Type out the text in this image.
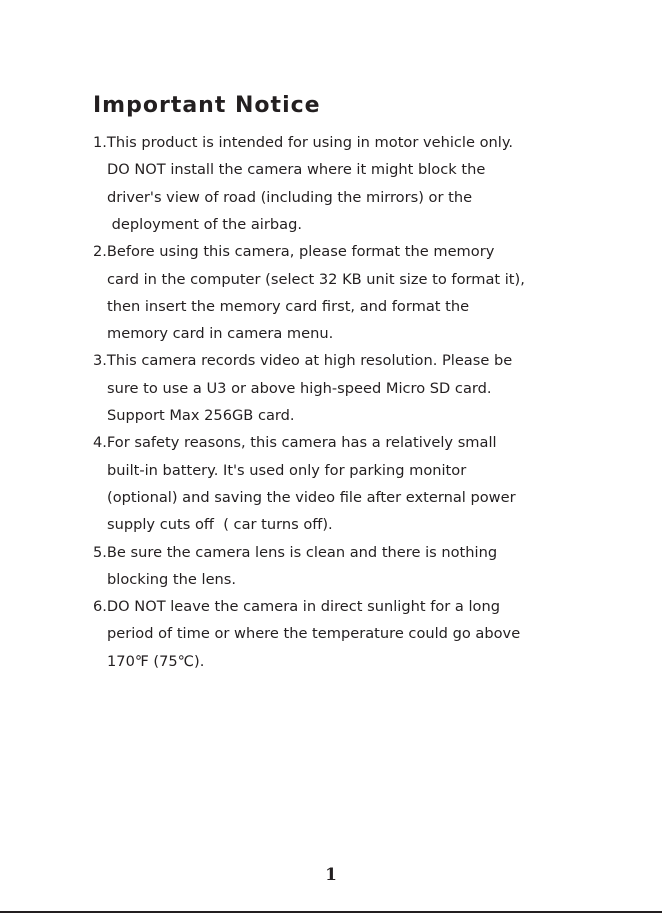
Important Notice
1.This product is intended for using in motor vehicle only.
DO NOT install the camera where it might block the
driver's view of road (including the mirrors) or the
deployment of the airbag.
2.Before using this camera, please format the memory
card in the computer (select 32 KB unit size to format it),
then insert the memory card first, and format the
memory card in camera menu.
3.This camera records video at high resolution. Please be
sure to use a U3 or above high-speed Micro SD card.
Support Max 256GB card.
4.For safety reasons, this camera has a relatively small
built-in battery. It's used only for parking monitor
(optional) and saving the video file after external power
supply cuts off  ( car turns off).
5.Be sure the camera lens is clean and there is nothing
blocking the lens.
6.DO NOT leave the camera in direct sunlight for a long
period of time or where the temperature could go above
170℉ (75℃).
1
